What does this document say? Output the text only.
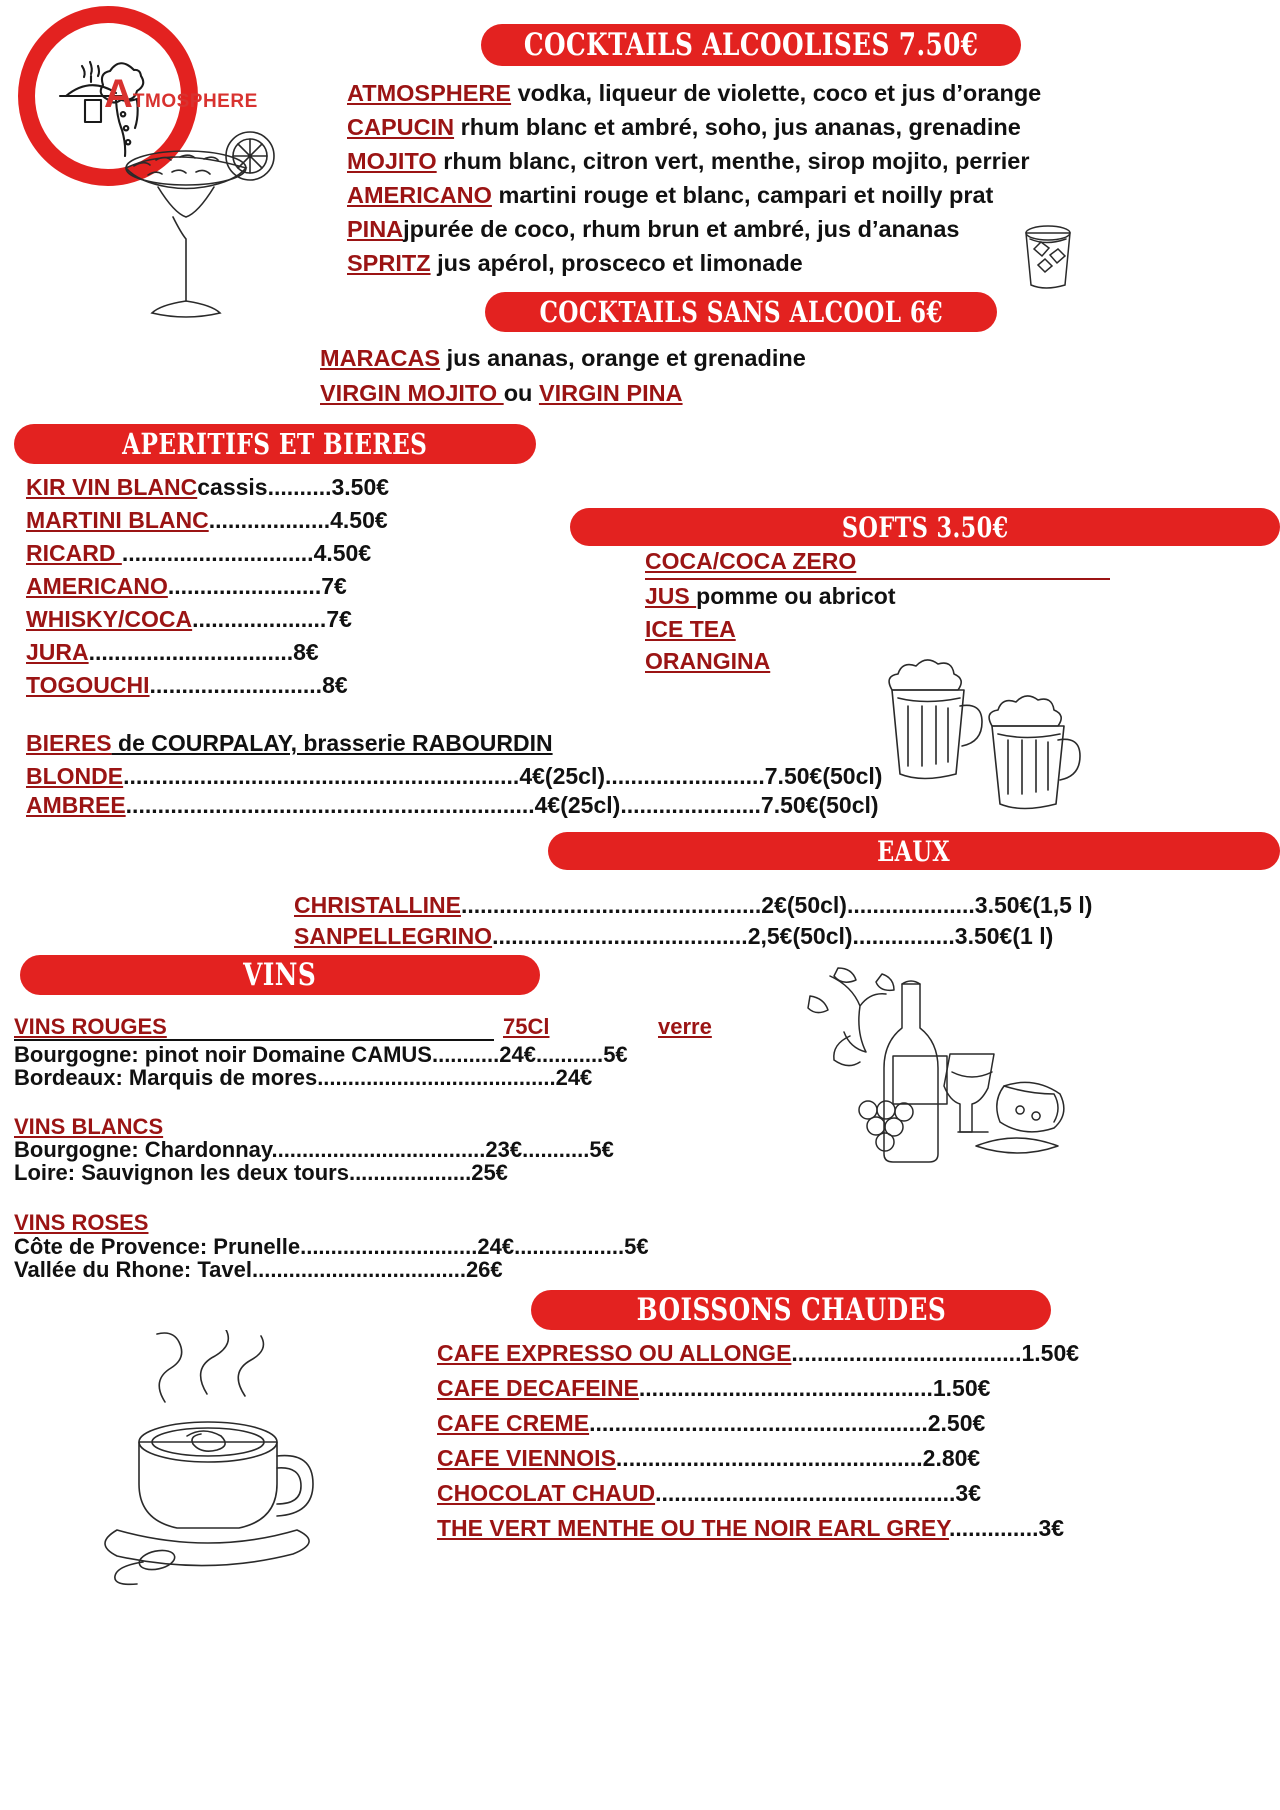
ATMOSPHERE
COCKTAILS ALCOOLISES 7.50€
ATMOSPHERE vodka, liqueur de violette, coco et jus d’orange
CAPUCIN rhum blanc et ambré, soho, jus ananas, grenadine
MOJITO rhum blanc, citron vert, menthe, sirop mojito, perrier
AMERICANO martini rouge et blanc, campari et noilly prat
PINAjpurée de coco, rhum brun et ambré, jus d’ananas
SPRITZ jus apérol, prosceco et limonade
COCKTAILS SANS ALCOOL 6€
MARACAS jus ananas, orange et grenadine
VIRGIN MOJITO ou VIRGIN PINA
APERITIFS ET BIERES
KIR VIN BLANCcassis..........3.50€
MARTINI BLANC...................4.50€
RICARD ..............................4.50€
AMERICANO........................7€
WHISKY/COCA.....................7€
JURA................................8€
TOGOUCHI...........................8€
SOFTS 3.50€
COCA/COCA ZERO
JUS pomme ou abricot
ICE TEA
ORANGINA
BIERES de COURPALAY, brasserie RABOURDIN
BLONDE..............................................................4€(25cl).........................7.50€(50cl)
AMBREE................................................................4€(25cl)......................7.50€(50cl)
EAUX
CHRISTALLINE...............................................2€(50cl)....................3.50€(1,5 l)
SANPELLEGRINO........................................2,5€(50cl)................3.50€(1 l)
VINS
VINS ROUGES	75Cl	verre
Bourgogne: pinot noir Domaine CAMUS...........24€...........5€
Bordeaux: Marquis de mores.......................................24€
VINS BLANCS
Bourgogne: Chardonnay...................................23€...........5€
Loire: Sauvignon les deux tours....................25€
VINS ROSES
Côte de Provence: Prunelle.............................24€..................5€
Vallée du Rhone: Tavel...................................26€
BOISSONS CHAUDES
CAFE EXPRESSO OU ALLONGE....................................1.50€
CAFE DECAFEINE..............................................1.50€
CAFE CREME.....................................................2.50€
CAFE VIENNOIS................................................2.80€
CHOCOLAT CHAUD...............................................3€
THE VERT MENTHE OU THE NOIR EARL GREY..............3€
